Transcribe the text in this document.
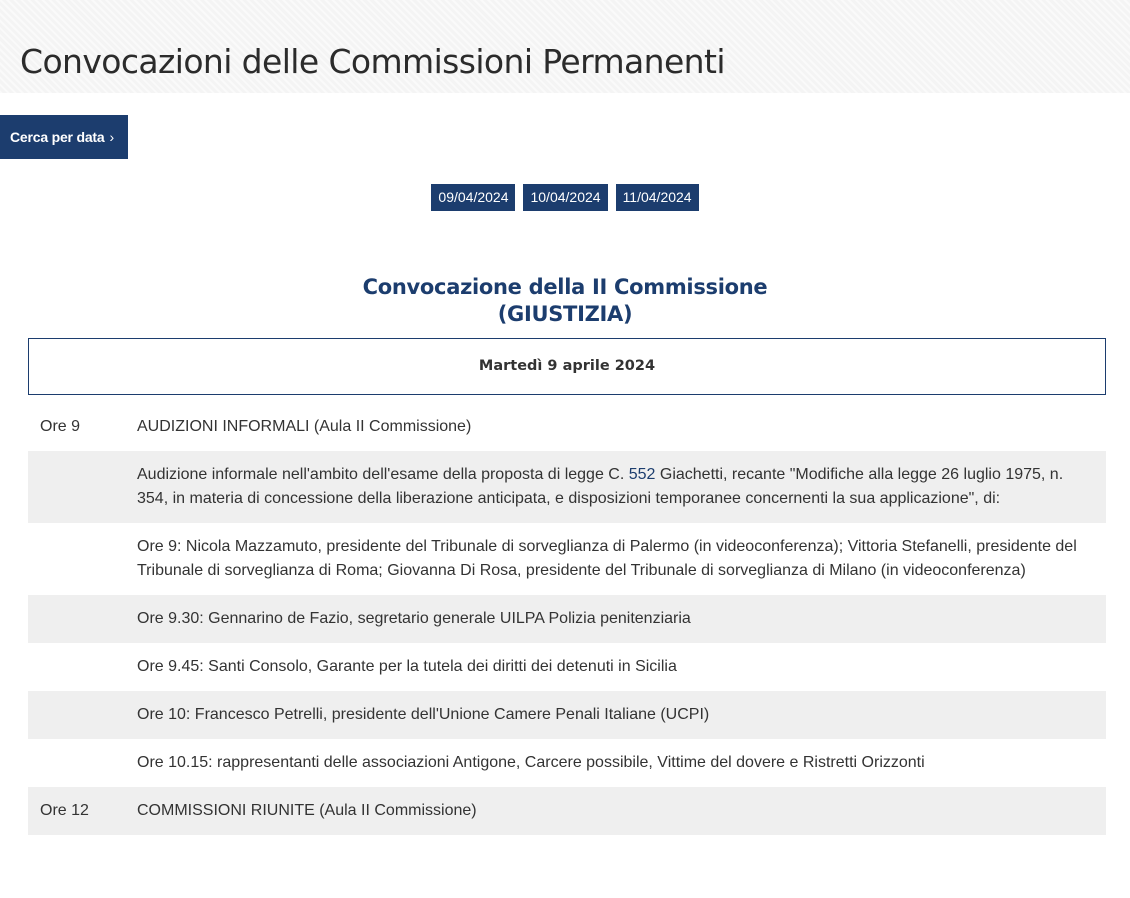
Convocazioni delle Commissioni Permanenti
Cerca per data ›
09/04/2024 10/04/2024 11/04/2024
Convocazione della II Commissione
(GIUSTIZIA)
Martedì 9 aprile 2024
Ore 9	AUDIZIONI INFORMALI (Aula II Commissione)
Audizione informale nell'ambito dell'esame della proposta di legge C. 552 Giachetti, recante "Modifiche alla legge 26 luglio 1975, n. 354, in materia di concessione della liberazione anticipata, e disposizioni temporanee concernenti la sua applicazione", di:
Ore 9: Nicola Mazzamuto, presidente del Tribunale di sorveglianza di Palermo (in videoconferenza); Vittoria Stefanelli, presidente del Tribunale di sorveglianza di Roma; Giovanna Di Rosa, presidente del Tribunale di sorveglianza di Milano (in videoconferenza)
Ore 9.30: Gennarino de Fazio, segretario generale UILPA Polizia penitenziaria
Ore 9.45: Santi Consolo, Garante per la tutela dei diritti dei detenuti in Sicilia
Ore 10: Francesco Petrelli, presidente dell'Unione Camere Penali Italiane (UCPI)
Ore 10.15: rappresentanti delle associazioni Antigone, Carcere possibile, Vittime del dovere e Ristretti Orizzonti
Ore 12	COMMISSIONI RIUNITE (Aula II Commissione)
